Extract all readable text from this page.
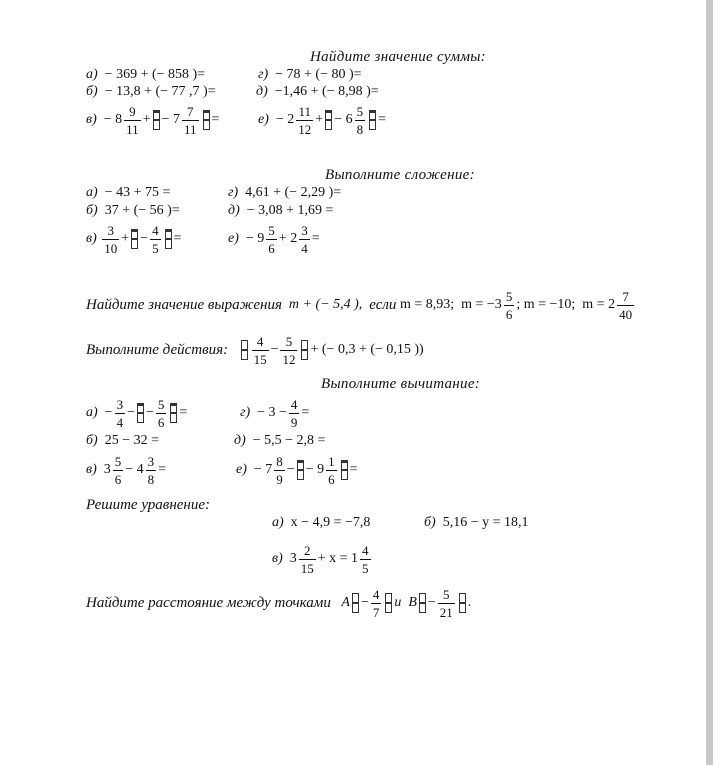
Найдите значение суммы:
а)
− 369 + (− 858 )=
б)
− 13,8 + (− 77 ,7 )=
в)
− $8 \frac{9}{11}$ + − $7 \frac{7}{11}$ =
г)
− 78 + (− 80 )=
д)
−1,46 + (− 8,98 )=
е)
− $2 \frac{11}{12}$ + − $6 \frac{5}{8}$ =
Выполните сложение:
а)
− 43 + 75 =
б)
37 + (− 56 )=
в)
$\frac{3}{10}$ + − $\frac{4}{5}$ =
г)
4,61 + (− 2,29 )=
д)
− 3,08 + 1,69 =
е)
− $9 \frac{5}{6} + 2 \frac{3}{4}$ =
Найдите значение выражения
m + (− 5,4 ),
если
m = 8,93;
$m = -3 \frac{5}{6}$ ;
m = −10;
$m = 2 \frac{7}{40}$
Выполните действия:
$\frac{4}{15} - \frac{5}{12}$ + (− 0,3 + (− 0,15 ))
Выполните вычитание:
а)
− $\frac{3}{4}$ − − $\frac{5}{6}$ =
б)
25 − 32 =
в)
$3 \frac{5}{6} - 4 \frac{3}{8}$ =
г)
− $3 - \frac{4}{9}$ =
д)
− 5,5 − 2,8 =
е)
− $7 \frac{8}{9}$ − − $9 \frac{1}{6}$ =
Решите уравнение:
а)
x − 4,9 = −7,8	б)
5,16 − y = 18,1
в)
$3 \frac{2}{15} + x = 1 \frac{4}{5}$
Найдите расстояние между точками
$A - \frac{4}{7}$ и
$B - \frac{5}{21}$ .
